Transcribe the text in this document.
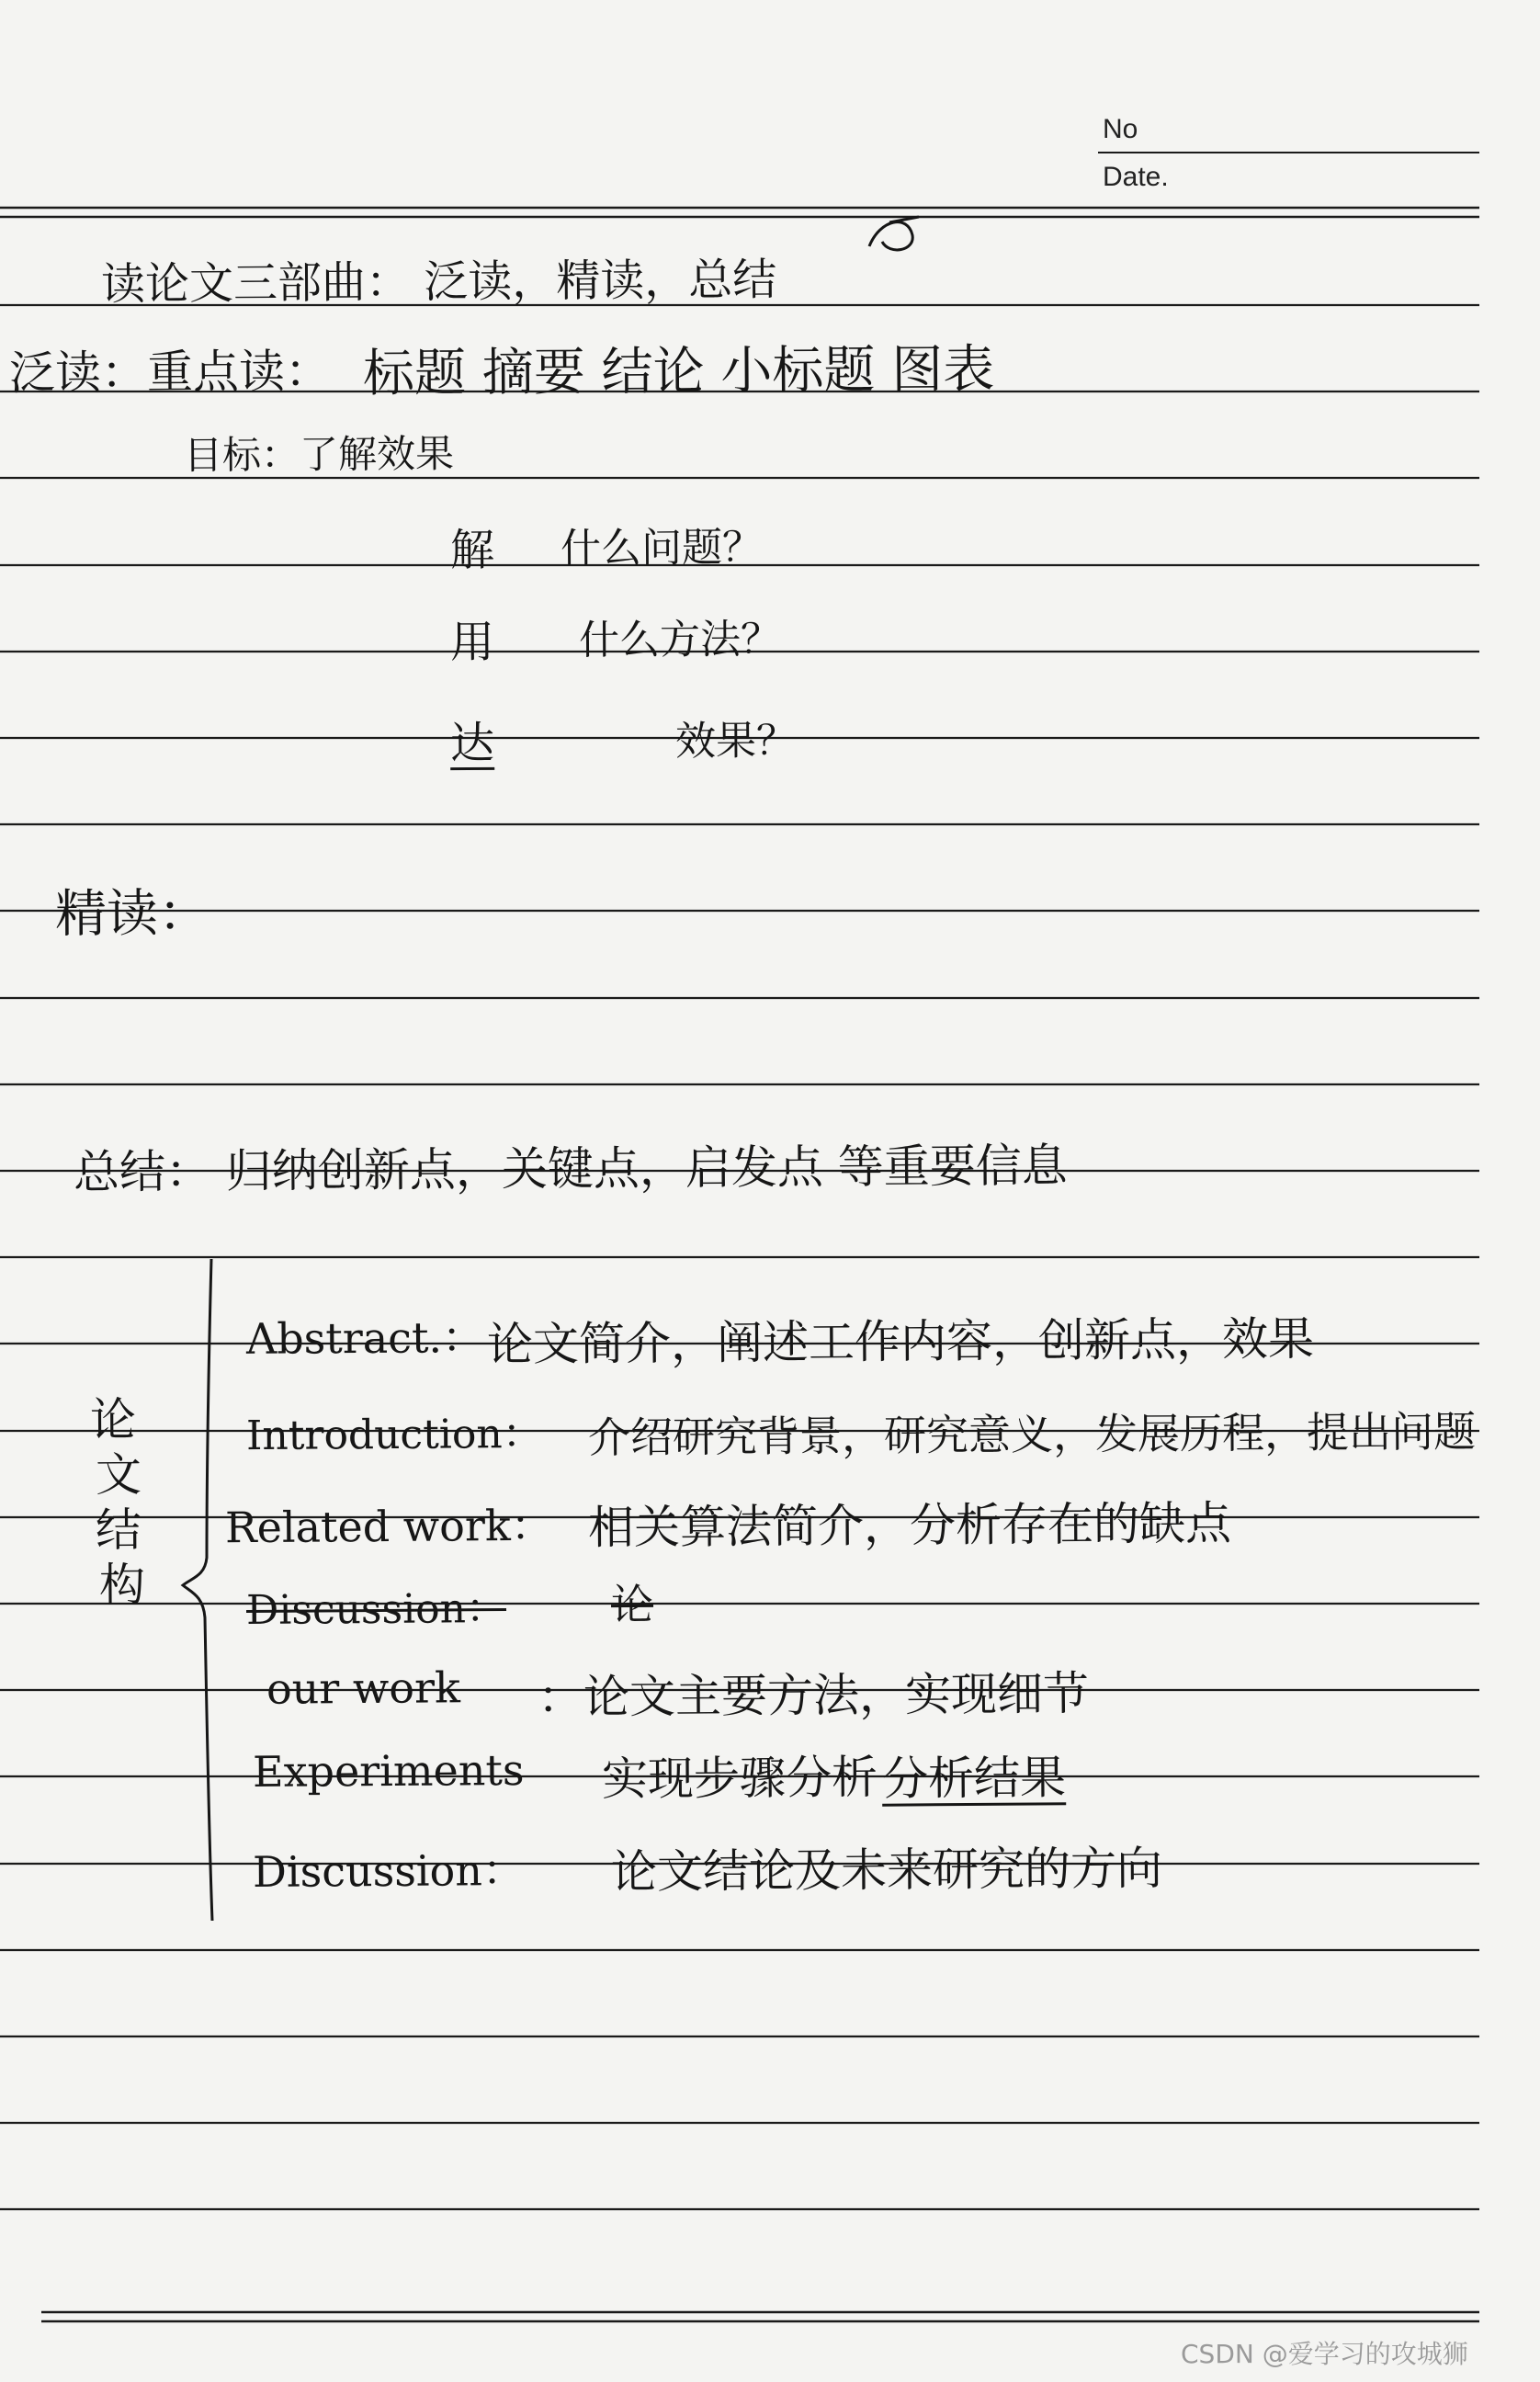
No
Date.
读论文三部曲： 泛读，精读，总结
泛读：重点读： 标题 摘要 结论 小标题 图表
目标：了解效果
解 什么问题？
用 什么方法？
达	效果？
精读：
总结： 归纳创新点，关键点，启发点 等重要信息
论
文
结
构
Abstract.： 论文简介，阐述工作内容，创新点，效果
Introduction： 介绍研究背景，研究意义，发展历程，提出问题
Related work： 相关算法简介，分析存在的缺点
Discussion： 论
our work ：论文主要方法，实现细节
Experiments 实现步骤分析 分析结果
Discussion： 论文结论及未来研究的方向
CSDN @爱学习的攻城狮
